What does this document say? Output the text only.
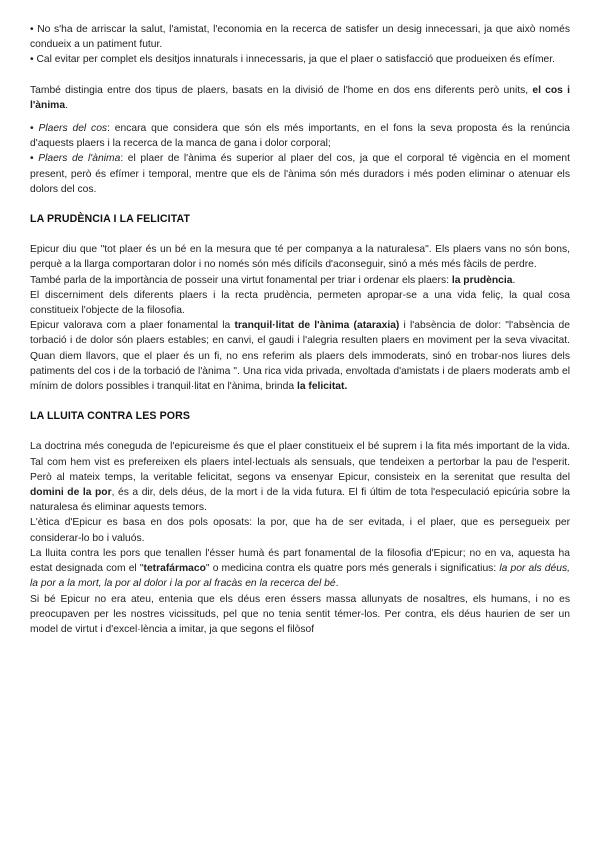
• No s'ha de arriscar la salut, l'amistat, l'economia en la recerca de satisfer un desig innecessari, ja que això només condueix a un patiment futur.

• Cal evitar per complet els desitjos innaturals i innecessaris, ja que el plaer o satisfacció que produeixen és efímer.

També distingia entre dos tipus de plaers, basats en la divisió de l'home en dos ens diferents però units, el cos i l'ànima.

• Plaers del cos: encara que considera que són els més importants, en el fons la seva proposta és la renúncia d'aquests plaers i la recerca de la manca de gana i dolor corporal;

• Plaers de l'ànima: el plaer de l'ànima és superior al plaer del cos, ja que el corporal té vigència en el moment present, però és efímer i temporal, mentre que els de l'ànima són més duradors i més poden eliminar o atenuar els dolors del cos.

LA PRUDÈNCIA I LA FELICITAT

Epicur diu que "tot plaer és un bé en la mesura que té per companya a la naturalesa". Els plaers vans no són bons, perquè a la llarga comportaran dolor i no només són més difícils d'aconseguir, sinó a més més fàcils de perdre.

També parla de la importància de posseir una virtut fonamental per triar i ordenar els plaers: la prudència.

El discerniment dels diferents plaers i la recta prudència, permeten apropar-se a una vida feliç, la qual cosa constitueix l'objecte de la filosofia.

Epicur valorava com a plaer fonamental la tranquil·litat de l'ànima (ataraxia) i l'absència de dolor: "l'absència de torbació i de dolor són plaers estables; en canvi, el gaudi i l'alegria resulten plaers en moviment per la seva vivacitat. Quan diem llavors, que el plaer és un fi, no ens referim als plaers dels immoderats, sinó en trobar-nos liures dels patiments del cos i de la torbació de l'ànima ". Una rica vida privada, envoltada d'amistats i de plaers moderats amb el mínim de dolors possibles i tranquil·litat en l'ànima, brinda la felicitat.

LA LLUITA CONTRA LES PORS

La doctrina més coneguda de l'epicureisme és que el plaer constitueix el bé suprem i la fita més important de la vida. Tal com hem vist es prefereixen els plaers intel·lectuals als sensuals, que tendeixen a pertorbar la pau de l'esperit. Però al mateix temps, la veritable felicitat, segons va ensenyar Epicur, consisteix en la serenitat que resulta del domini de la por, és a dir, dels déus, de la mort i de la vida futura. El fi últim de tota l'especulació epicúria sobre la naturalesa és eliminar aquests temors.

L'ètica d'Epicur es basa en dos pols oposats: la por, que ha de ser evitada, i el plaer, que es persegueix per considerar-lo bo i valuós.

La lluita contra les pors que tenallen l'ésser humà és part fonamental de la filosofia d'Epicur; no en va, aquesta ha estat designada com el "tetrafármaco" o medicina contra els quatre pors més generals i significatius: la por als déus, la por a la mort, la por al dolor i la por al fracàs en la recerca del bé.

Si bé Epicur no era ateu, entenia que els déus eren éssers massa allunyats de nosaltres, els humans, i no es preocupaven per les nostres vicissituds, pel que no tenia sentit témer-los. Per contra, els déus haurien de ser un model de virtut i d'excel·lència a imitar, ja que segons el filòsof
